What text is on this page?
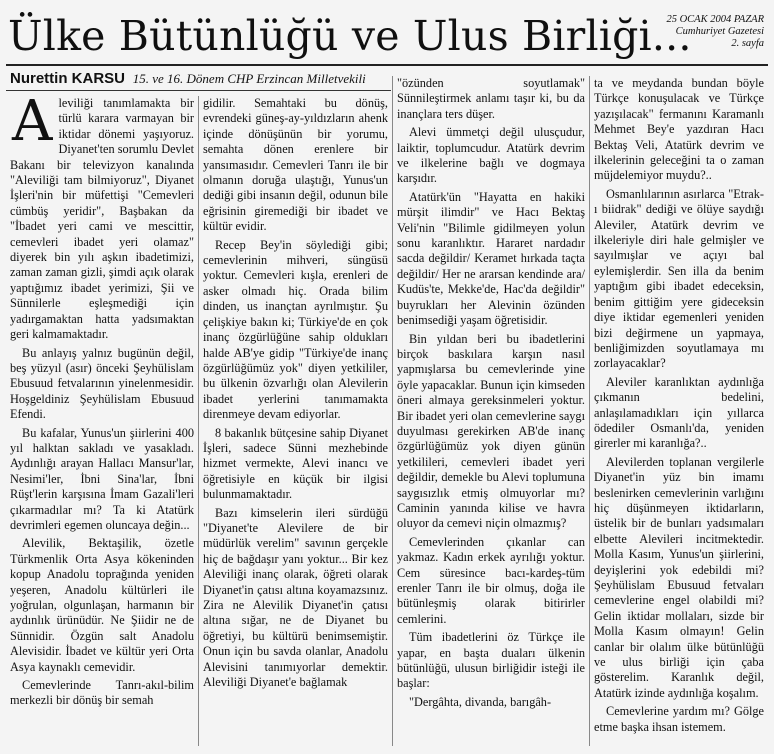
Ülke Bütünlüğü ve Ulus Birliği...
25 OCAK 2004 PAZAR
Cumhuriyet Gazetesi
2. sayfa
Nurettin KARSU 15. ve 16. Dönem CHP Erzincan Milletvekili
A leviliği tanımlamakta bir türlü karara varmayan bir iktidar dönemi yaşıyoruz. Diyanet'ten sorumlu Devlet Bakanı bir televizyon kanalında "Aleviliği tam bilmiyoruz", Diyanet İşleri'nin bir müfettişi "Cemevleri cümbüş yeridir", Başbakan da "İbadet yeri cami ve mescittir, cemevleri ibadet yeri olamaz" diyerek bin yılı aşkın ibadetimizi, zaman zaman gizli, şimdi açık olarak yaptığımız ibadet yerimizi, Şii ve Sünnilerle eşleşmediği için yadırgamaktan hatta yadsımaktan geri kalmamaktadır.

Bu anlayış yalnız bugünün değil, beş yüzyıl (asır) önceki Şeyhülislam Ebusuud fetvalarının yinelenmesidir. Hoşgeldiniz Şeyhülislam Ebusuud Efendi.

Bu kafalar, Yunus'un şiirlerini 400 yıl halktan sakladı ve yasakladı. Aydınlığı arayan Hallacı Mansur'lar, Nesimi'ler, İbni Sina'lar, İbni Rüşt'lerin karşısına İmam Gazali'leri çıkarmadılar mı? Ta ki Atatürk devrimleri egemen oluncaya değin...

Alevilik, Bektaşilik, özetle Türkmenlik Orta Asya kökeninden kopup Anadolu toprağında yeniden yeşeren, Anadolu kültürleri ile yoğrulan, olgunlaşan, harmanın bir aydınlık ürünüdür. Ne Şiidir ne de Sünnidir. Özgün salt Anadolu Alevisidir. İbadet ve kültür yeri Orta Asya kaynaklı cemevidir.

Cemevlerinde Tanrı-akıl-bilim merkezli bir dönüş bir semah

gidilir. Semahtaki bu dönüş, evrendeki güneş-ay-yıldızların ahenk içinde dönüşünün bir yorumu, semahta dönen erenlere bir yansımasıdır. Cemevleri Tanrı ile bir olmanın doruğa ulaştığı, Yunus'un dediği gibi insanın değil, odunun bile eğrisinin giremediği bir ibadet ve kültür evidir.

Recep Bey'in söylediği gibi; cemevlerinin mihveri, süngüsü yoktur. Cemevleri kışla, erenleri de asker olmadı hiç. Orada bilim dinden, us inançtan ayrılmıştır. Şu çelişkiye bakın ki; Türkiye'de en çok inanç özgürlüğüne sahip oldukları halde AB'ye gidip "Türkiye'de inanç özgürlüğümüz yok" diyen yetkililer, bu ülkenin özvarlığı olan Alevilerin ibadet yerlerini tanımamakta direnmeye devam ediyorlar.

8 bakanlık bütçesine sahip Diyanet İşleri, sadece Sünni mezhebinde hizmet vermekte, Alevi inancı ve öğretisiyle en küçük bir ilgisi bulunmamaktadır.

Bazı kimselerin ileri sürdüğü "Diyanet'te Alevilere de bir müdürlük verelim" savının gerçekle hiç de bağdaşır yanı yoktur... Bir kez Aleviliği inanç olarak, öğreti olarak Diyanet'in çatısı altına koyamazsınız. Zira ne Alevilik Diyanet'in çatısı altına sığar, ne de Diyanet bu öğretiyi, bu kültürü benimsemiştir. Onun için bu savda olanlar, Anadolu Alevisini tanımıyorlar demektir. Aleviliği Diyanet'e bağlamak

"özünden soyutlamak" Sünnileştirmek anlamı taşır ki, bu da inançlara ters düşer.

Alevi ümmetçi değil ulusçudur, laiktir, toplumcudur. Atatürk devrim ve ilkelerine bağlı ve dogmaya karşıdır.

Atatürk'ün "Hayatta en hakiki mürşit ilimdir" ve Hacı Bektaş Veli'nin "Bilimle gidilmeyen yolun sonu karanlıktır. Hararet nardadır sacda değildir/ Keramet hırkada taçta değildir/ Her ne ararsan kendinde ara/ Kudüs'te, Mekke'de, Hac'da değildir" buyrukları her Alevinin özünden benimsediği yaşam öğretisidir.

Bin yıldan beri bu ibadetlerini birçok baskılara karşın nasıl yapmışlarsa bu cemevlerinde yine öyle yapacaklar. Bunun için kimseden öneri almaya gereksinmeleri yoktur. Bir ibadet yeri olan cemevlerine saygı duyulması gerekirken AB'de inanç özgürlüğümüz yok diyen günün yetkilileri, cemevleri ibadet yeri değildir, demekle bu Alevi toplumuna saygısızlık etmiş olmuyorlar mı? Caminin yanında kilise ve havra oluyor da cemevi niçin olmazmış?

Cemevlerinden çıkanlar can yakmaz. Kadın erkek ayrılığı yoktur. Cem süresince bacı-kardeş-tüm erenler Tanrı ile bir olmuş, doğa ile bütünleşmiş olarak bitirirler cemlerini.

Tüm ibadetlerini öz Türkçe ile yapar, en başta duaları ülkenin bütünlüğü, ulusun birliğidir isteği ile başlar:

"Dergâhta, divanda, barıgâh-

ta ve meydanda bundan böyle Türkçe konuşulacak ve Türkçe yazışılacak" fermanını Karamanlı Mehmet Bey'e yazdıran Hacı Bektaş Veli, Atatürk devrim ve ilkelerinin geleceğini ta o zaman müjdelemiyor muydu?..

Osmanlılarının asırlarca "Etrak-ı biidrak" dediği ve ölüye saydığı Aleviler, Atatürk devrim ve ilkeleriyle diri hale gelmişler ve sayılmışlar ve açıyı bal eylemişlerdir. Sen illa da benim yaptığım gibi ibadet edeceksin, benim gittiğim yere gideceksin diye iktidar egemenleri yeniden bizi değirmene un yapmaya, benliğimizden soyutlamaya mı zorlayacaklar?

Aleviler karanlıktan aydınlığa çıkmanın bedelini, anlaşılamadıkları için yıllarca ödediler Osmanlı'da, yeniden girerler mi karanlığa?..

Alevilerden toplanan vergilerle Diyanet'in yüz bin imamı beslenirken cemevlerinin varlığını hiç düşünmeyen iktidarların, üstelik bir de bunları yadsımaları elbette Alevileri incitmektedir. Molla Kasım, Yunus'un şiirlerini, deyişlerini yok edebildi mi? Şeyhülislam Ebusuud fetvaları cemevlerine engel olabildi mi? Gelin iktidar mollaları, sizde bir Molla Kasım olmayın! Gelin canlar bir olalım ülke bütünlüğü ve ulus birliği için çaba gösterelim. Karanlık değil, Atatürk izinde aydınlığa koşalım.

Cemevlerine yardım mı? Gölge etme başka ihsan istemem.
